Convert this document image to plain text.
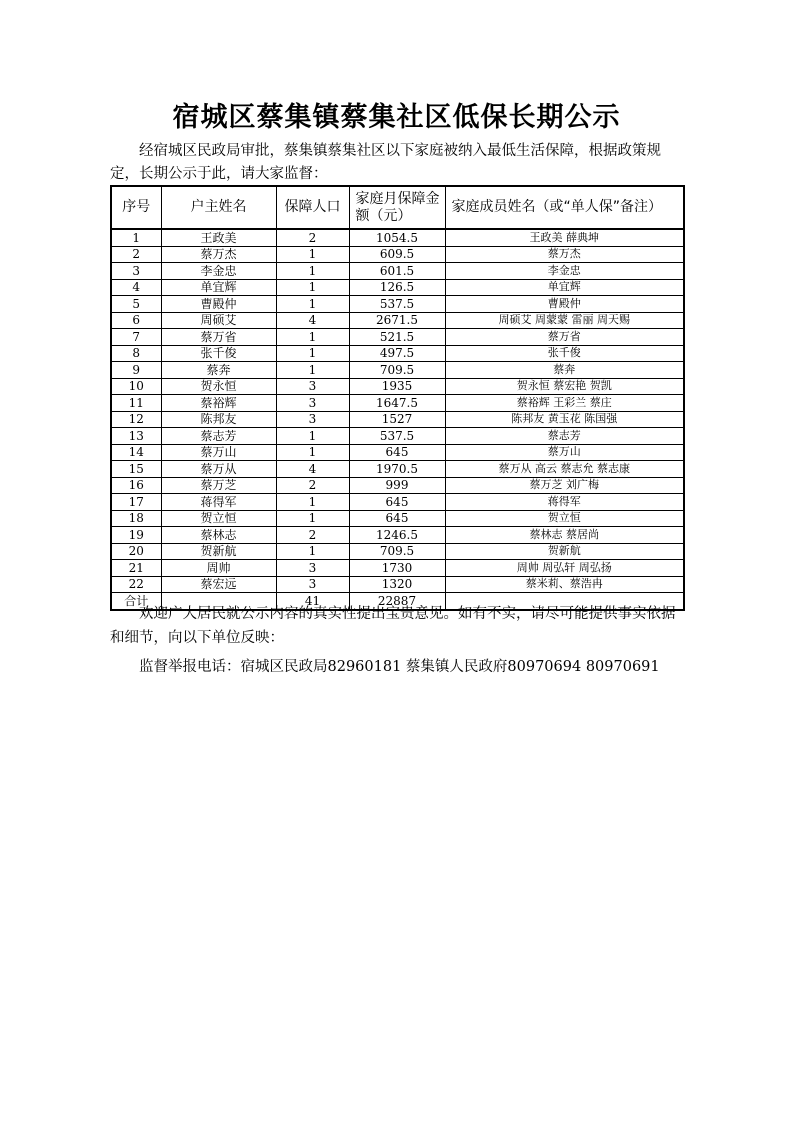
宿城区蔡集镇蔡集社区低保长期公示

经宿城区民政局审批，蔡集镇蔡集社区以下家庭被纳入最低生活保障，根据政策规定，长期公示于此，请大家监督：

序号	户主姓名	保障人口	家庭月保障金额（元）	家庭成员姓名（或“单人保”备注）
1	王政美	2	1054.5	王政美 薛典坤
2	蔡万杰	1	609.5	蔡万杰
3	李金忠	1	601.5	李金忠
4	单宜辉	1	126.5	单宜辉
5	曹殿仲	1	537.5	曹殿仲
6	周硕艾	4	2671.5	周硕艾 周蒙蒙 雷丽 周天赐
7	蔡万省	1	521.5	蔡万省
8	张千俊	1	497.5	张千俊
9	蔡奔	1	709.5	蔡奔
10	贺永恒	3	1935	贺永恒 蔡宏艳 贺凯
11	蔡裕辉	3	1647.5	蔡裕辉 王彩兰 蔡庄
12	陈邦友	3	1527	陈邦友 黄玉花 陈国强
13	蔡志芳	1	537.5	蔡志芳
14	蔡万山	1	645	蔡万山
15	蔡万从	4	1970.5	蔡万从 高云 蔡志允 蔡志康
16	蔡万芝	2	999	蔡万芝 刘广梅
17	蒋得军	1	645	蒋得军
18	贺立恒	1	645	贺立恒
19	蔡林志	2	1246.5	蔡林志 蔡居尚
20	贺新航	1	709.5	贺新航
21	周帅	3	1730	周帅 周弘轩 周弘扬
22	蔡宏远	3	1320	蔡米莉、蔡浩冉
合计		41	22887	

欢迎广大居民就公示内容的真实性提出宝贵意见。如有不实，请尽可能提供事实依据和细节，向以下单位反映：

监督举报电话：宿城区民政局82960181 蔡集镇人民政府80970694 80970691
